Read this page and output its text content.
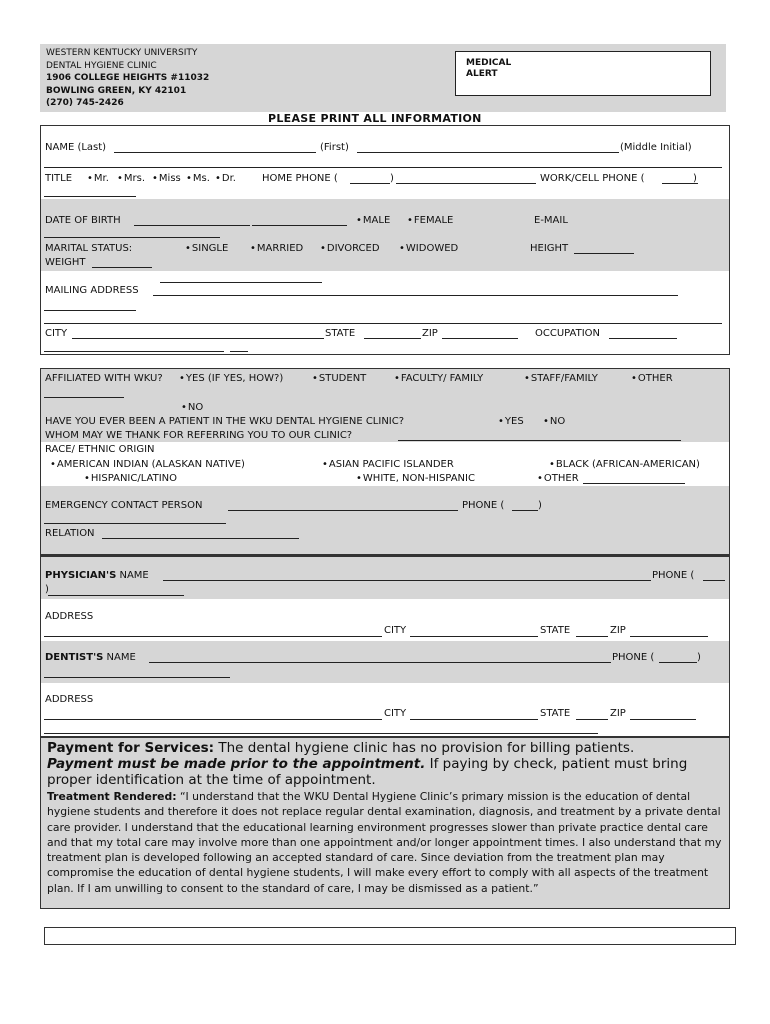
WESTERN KENTUCKY UNIVERSITY
DENTAL HYGIENE CLINIC
1906 COLLEGE HEIGHTS #11032
BOWLING GREEN, KY 42101
(270) 745-2426
MEDICAL
ALERT
PLEASE PRINT ALL INFORMATION
NAME (Last)	(First)	(Middle Initial)
TITLE	• Mr.	• Mrs.	• Miss	• Ms.	• Dr.	HOME PHONE (	)	WORK/CELL PHONE (	)
DATE OF BIRTH	• MALE	• FEMALE	E-MAIL
MARITAL STATUS:	• SINGLE	• MARRIED	• DIVORCED	• WIDOWED	HEIGHT
WEIGHT
MAILING ADDRESS
CITY	STATE	ZIP	OCCUPATION
AFFILIATED WITH WKU?	• YES (IF YES, HOW?)	• STUDENT	• FACULTY/ FAMILY	• STAFF/FAMILY	• OTHER
• NO
HAVE YOU EVER BEEN A PATIENT IN THE WKU DENTAL HYGIENE CLINIC?	• YES	• NO
WHOM MAY WE THANK FOR REFERRING YOU TO OUR CLINIC?
RACE/ ETHNIC ORIGIN
• AMERICAN INDIAN (ALASKAN NATIVE)	• ASIAN PACIFIC ISLANDER	• BLACK (AFRICAN-AMERICAN)
• HISPANIC/LATINO	• WHITE, NON-HISPANIC	• OTHER
EMERGENCY CONTACT PERSON	PHONE (	)
RELATION
PHYSICIAN'S NAME	PHONE (
)
ADDRESS
CITY	STATE	ZIP
DENTIST'S NAME	PHONE (	)
ADDRESS
CITY	STATE	ZIP
Payment for Services: The dental hygiene clinic has no provision for billing patients.
Payment must be made prior to the appointment. If paying by check, patient must bring proper identification at the time of appointment.
Treatment Rendered: “I understand that the WKU Dental Hygiene Clinic’s primary mission is the education of dental hygiene students and therefore it does not replace regular dental examination, diagnosis, and treatment by a private dental care provider. I understand that the educational learning environment progresses slower than private practice dental care and that my total care may involve more than one appointment and/or longer appointment times. I also understand that my treatment plan is developed following an accepted standard of care. Since deviation from the treatment plan may compromise the education of dental hygiene students, I will make every effort to comply with all aspects of the treatment plan. If I am unwilling to consent to the standard of care, I may be dismissed as a patient.”
